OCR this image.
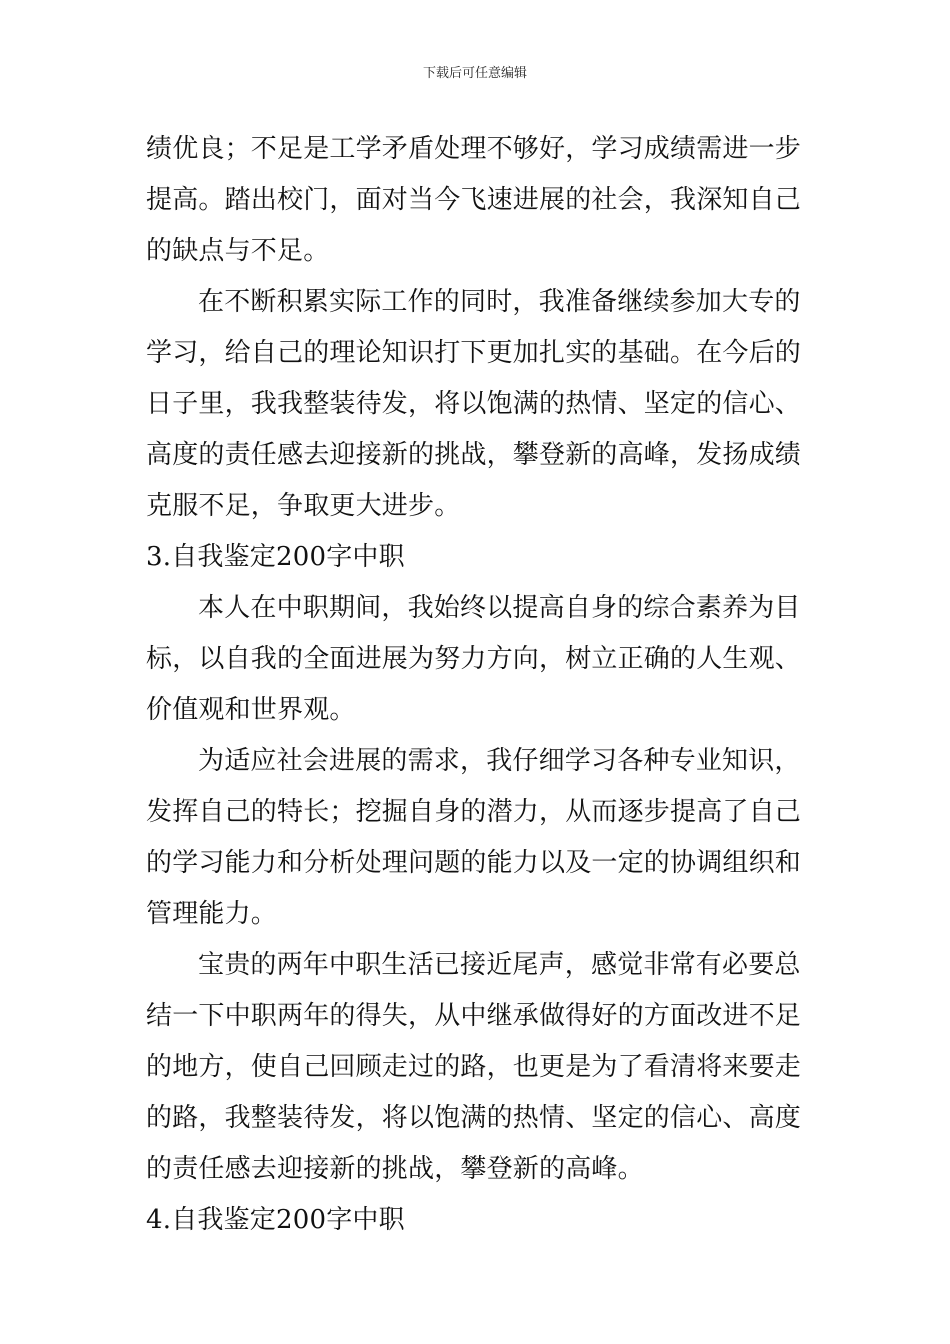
下载后可任意编辑
绩优良；不足是工学矛盾处理不够好，学习成绩需进一步
提高。踏出校门，面对当今飞速进展的社会，我深知自己
的缺点与不足。
在不断积累实际工作的同时，我准备继续参加大专的
学习，给自己的理论知识打下更加扎实的基础。在今后的
日子里，我我整装待发，将以饱满的热情、坚定的信心、
高度的责任感去迎接新的挑战，攀登新的高峰，发扬成绩
克服不足，争取更大进步。
3.自我鉴定200字中职
本人在中职期间，我始终以提高自身的综合素养为目
标，以自我的全面进展为努力方向，树立正确的人生观、
价值观和世界观。
为适应社会进展的需求，我仔细学习各种专业知识，
发挥自己的特长；挖掘自身的潜力，从而逐步提高了自己
的学习能力和分析处理问题的能力以及一定的协调组织和
管理能力。
宝贵的两年中职生活已接近尾声，感觉非常有必要总
结一下中职两年的得失，从中继承做得好的方面改进不足
的地方，使自己回顾走过的路，也更是为了看清将来要走
的路，我整装待发，将以饱满的热情、坚定的信心、高度
的责任感去迎接新的挑战，攀登新的高峰。
4.自我鉴定200字中职
